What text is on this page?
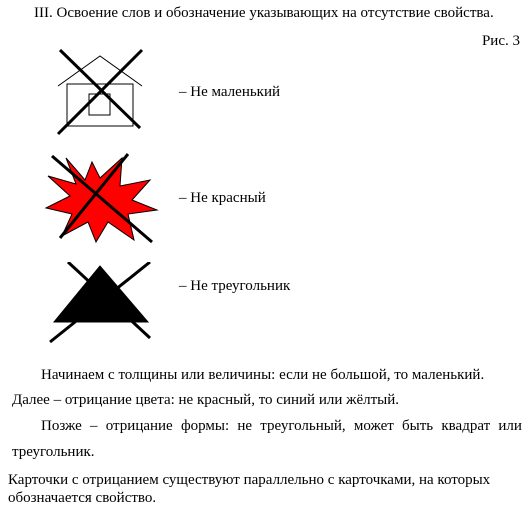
III. Освоение слов и обозначение указывающих на отсутствие свойства.
Рис. 3
– Не маленький
– Не красный
– Не треугольник
Начинаем с толщины или величины: если не большой, то маленький.
Далее – отрицание цвета: не красный, то синий или жёлтый.
Позже – отрицание формы: не треугольный, может быть квадрат или
треугольник.
Карточки с отрицанием существуют параллельно с карточками, на которых
обозначается свойство.
